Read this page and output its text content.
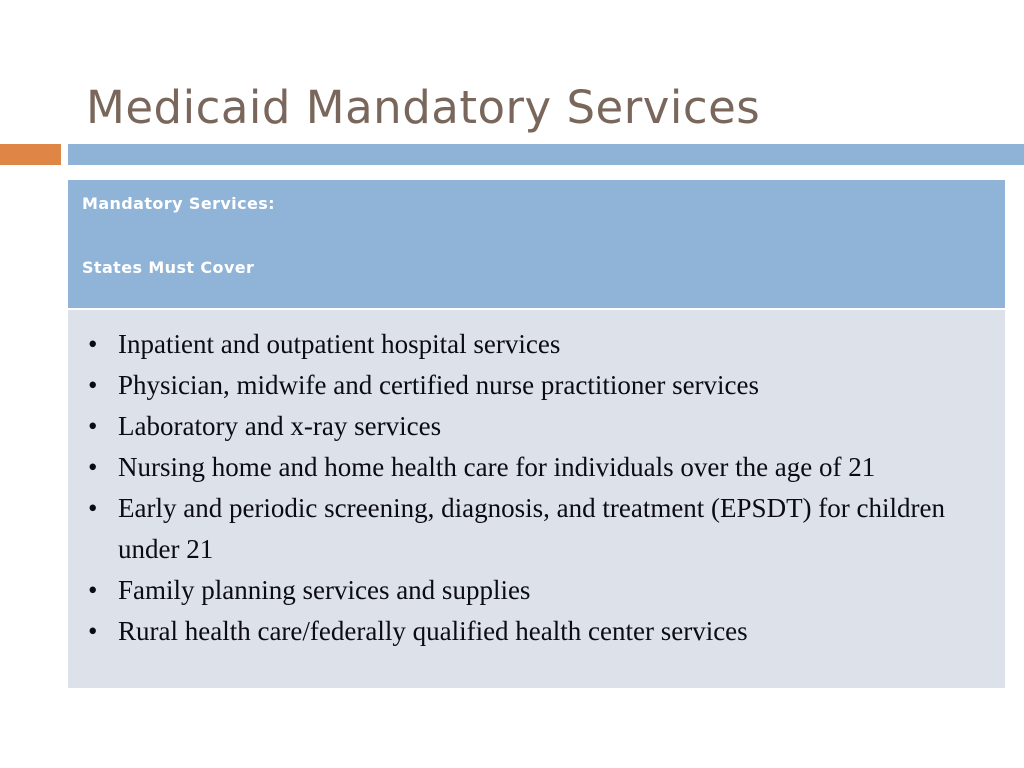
Medicaid Mandatory Services
Mandatory Services:
States Must Cover
• Inpatient and outpatient hospital services
• Physician, midwife and certified nurse practitioner services
• Laboratory and x-ray services
• Nursing home and home health care for individuals over the age of 21
• Early and periodic screening, diagnosis, and treatment (EPSDT) for children under 21
• Family planning services and supplies
• Rural health care/federally qualified health center services
